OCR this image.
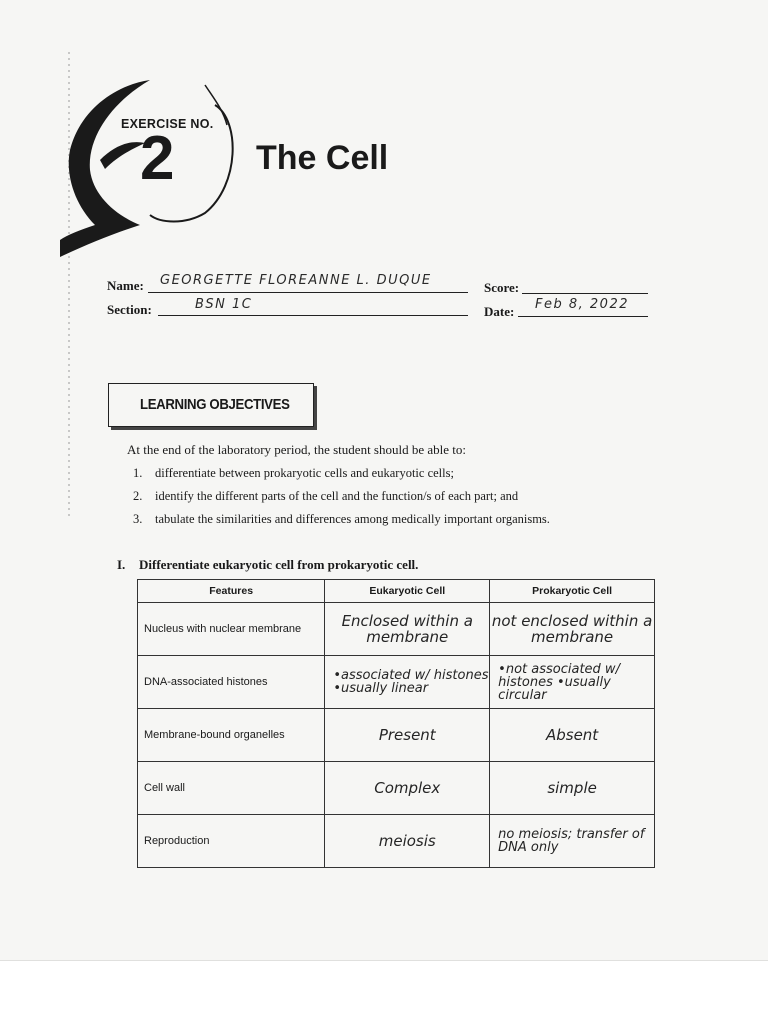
EXERCISE NO.
2 The Cell
Name: GEORGETTE FLOREANNE L. DUQUE
Section:	BSN 1C
Score:
Date: Feb 8, 2022
LEARNING OBJECTIVES
At the end of the laboratory period, the student should be able to:
1. differentiate between prokaryotic cells and eukaryotic cells;
2. identify the different parts of the cell and the function/s of each part; and
3. tabulate the similarities and differences among medically important organisms.
I. Differentiate eukaryotic cell from prokaryotic cell.
Features	Eukaryotic Cell	Prokaryotic Cell
Nucleus with nuclear membrane	Enclosed within a membrane	not enclosed within a membrane
DNA-associated histones	•associated w/ histones •usually linear	•not associated w/ histones •usually circular
Membrane-bound organelles	Present	Absent
Cell wall	Complex	simple
Reproduction	meiosis	no meiosis; transfer of DNA only
